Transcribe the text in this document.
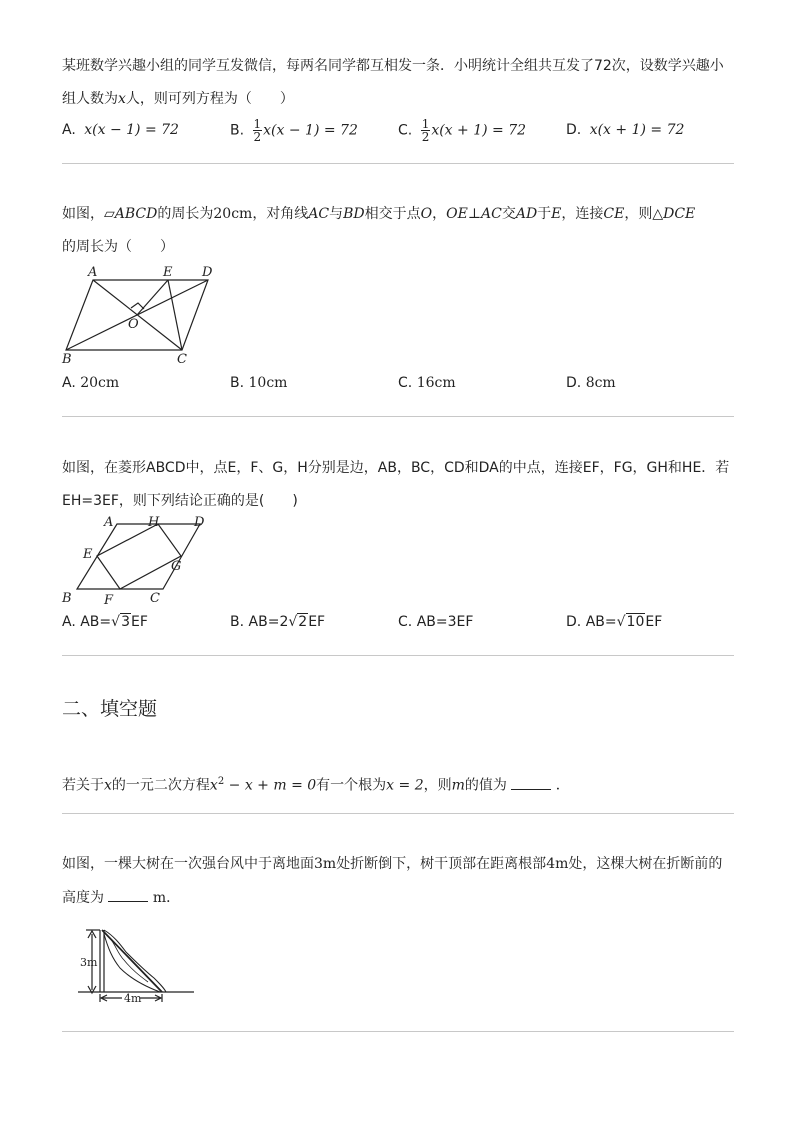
某班数学兴趣小组的同学互发微信，每两名同学都互相发一条．小明统计全组共互发了72次，设数学兴趣小
组人数为x人，则可列方程为（　　）
A. x(x − 1) = 72	B. $\frac{1}{2} x(x - 1) = 72$	C. $\frac{1}{2} x(x + 1) = 72$	D. x(x + 1) = 72
如图，▱ABCD的周长为20cm，对角线AC与BD相交于点O，OE⊥AC交AD于E，连接CE，则△DCE
的周长为（　　）
A	E D
O
B	C
A. 20cm	B. 10cm	C. 16cm	D. 8cm
如图，在菱形ABCD中，点E，F、G，H分别是边，AB，BC，CD和DA的中点，连接EF，FG，GH和HE．若
EH=3EF，则下列结论正确的是(　　)
A	H	D
E
G
B F	C
A. AB=√3EF	B. AB=2√2EF	C. AB=3EF	D. AB=√10EF
二、填空题
若关于x的一元二次方程$x^2 - x + m = 0$有一个根为x = 2，则m的值为	．
如图，一棵大树在一次强台风中于离地面3m处折断倒下，树干顶部在距离根部4m处，这棵大树在折断前的
高度为	m．
3m
4m
